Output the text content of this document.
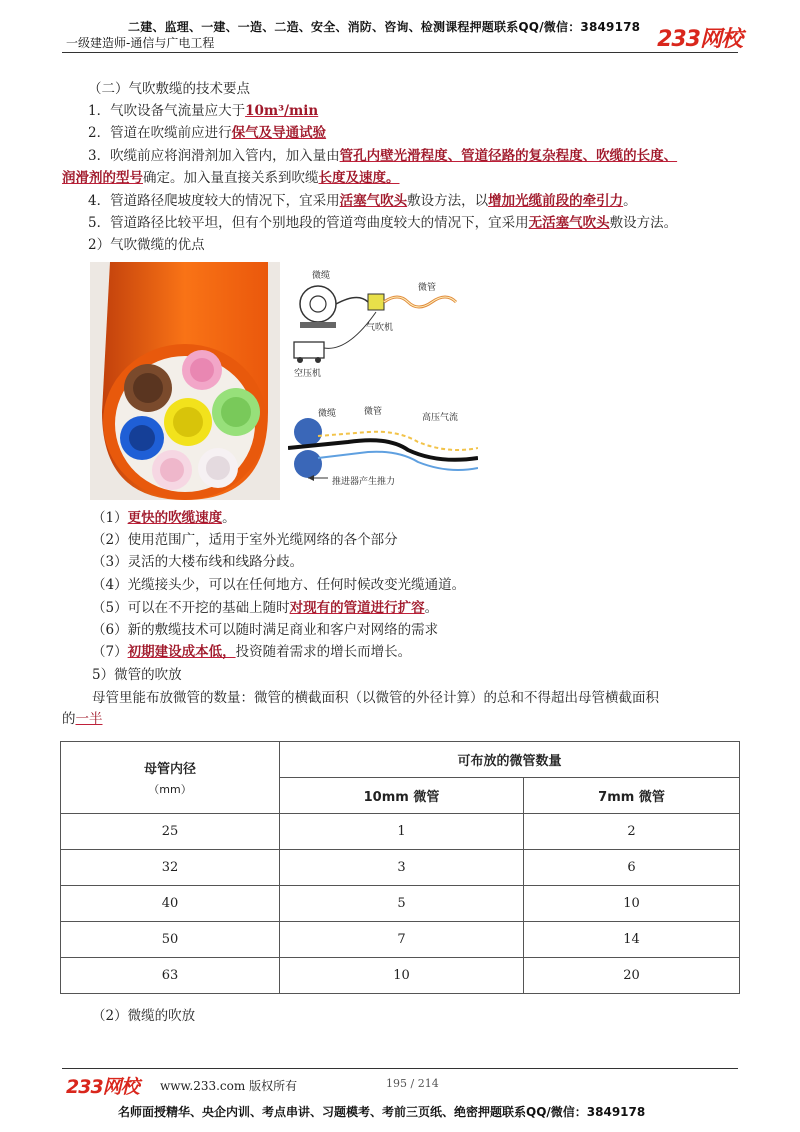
二建、监理、一建、一造、二造、安全、消防、咨询、检测课程押题联系QQ/微信：3849178
一级建造师-通信与广电工程	233网校
（二）气吹敷缆的技术要点
1．气吹设备气流量应大于10m³/min
2．管道在吹缆前应进行保气及导通试验
3．吹缆前应将润滑剂加入管内，加入量由管孔内壁光滑程度、管道径路的复杂程度、吹缆的长度、
润滑剂的型号确定。加入量直接关系到吹缆长度及速度。
4．管道路径爬坡度较大的情况下，宜采用活塞气吹头敷设方法，以增加光缆前段的牵引力。
5．管道路径比较平坦，但有个别地段的管道弯曲度较大的情况下，宜采用无活塞气吹头敷设方法。
2）气吹微缆的优点
微缆
微管
气吹机
空压机
微缆	微管
高压气流
推进器产生推力
（1）更快的吹缆速度。
（2）使用范围广，适用于室外光缆网络的各个部分
（3）灵活的大楼布线和线路分歧。
（4）光缆接头少，可以在任何地方、任何时候改变光缆通道。
（5）可以在不开挖的基础上随时对现有的管道进行扩容。
（6）新的敷缆技术可以随时满足商业和客户对网络的需求
（7）初期建设成本低，投资随着需求的增长而增长。
5）微管的吹放
母管里能布放微管的数量：微管的横截面积（以微管的外径计算）的总和不得超出母管横截面积
的一半
母管内径
（mm）	可布放的微管数量	
	10mm 微管	7mm 微管
25	1	2
32	3	6
40	5	10
50	7	14
63	10	20
（2）微缆的吹放
233网校 www.233.com 版权所有	195 / 214
名师面授精华、央企内训、考点串讲、习题模考、考前三页纸、绝密押题联系QQ/微信：3849178
